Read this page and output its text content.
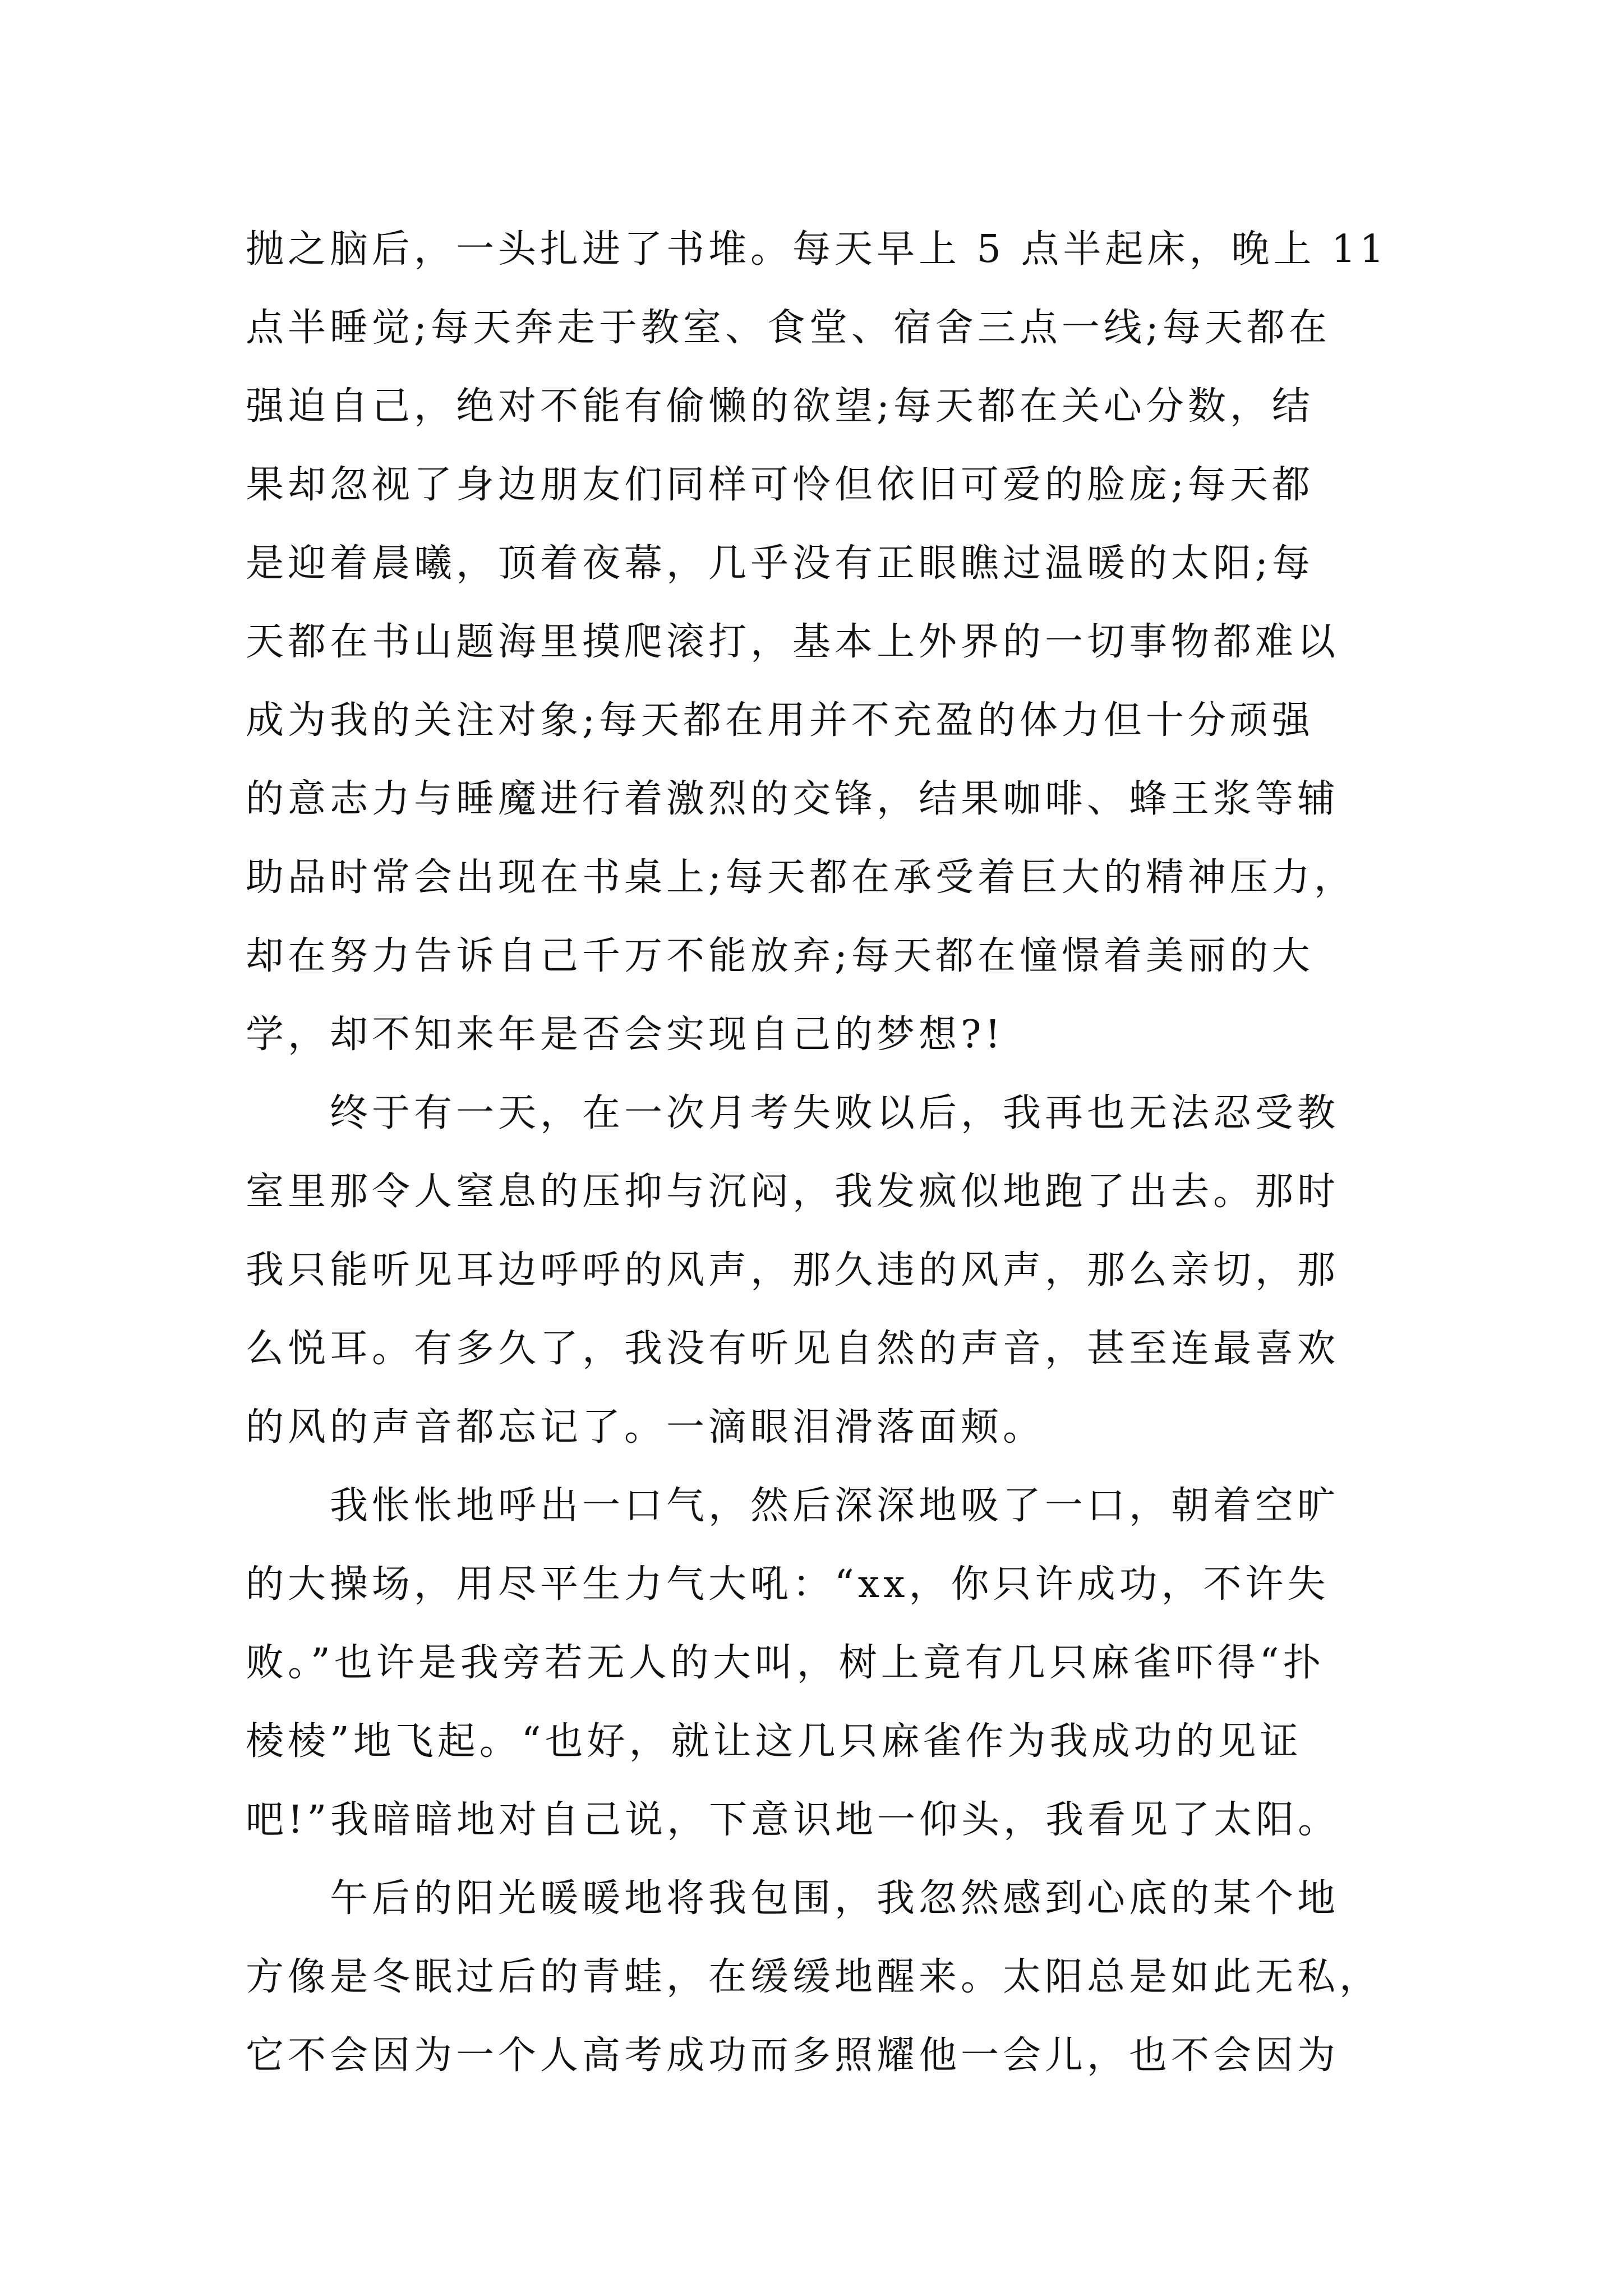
抛之脑后，一头扎进了书堆。每天早上 5 点半起床，晚上 11
点半睡觉;每天奔走于教室、食堂、宿舍三点一线;每天都在
强迫自己，绝对不能有偷懒的欲望;每天都在关心分数，结
果却忽视了身边朋友们同样可怜但依旧可爱的脸庞;每天都
是迎着晨曦，顶着夜幕，几乎没有正眼瞧过温暖的太阳;每
天都在书山题海里摸爬滚打，基本上外界的一切事物都难以
成为我的关注对象;每天都在用并不充盈的体力但十分顽强
的意志力与睡魔进行着激烈的交锋，结果咖啡、蜂王浆等辅
助品时常会出现在书桌上;每天都在承受着巨大的精神压力，
却在努力告诉自己千万不能放弃;每天都在憧憬着美丽的大
学，却不知来年是否会实现自己的梦想?!
终于有一天，在一次月考失败以后，我再也无法忍受教
室里那令人窒息的压抑与沉闷，我发疯似地跑了出去。那时
我只能听见耳边呼呼的风声，那久违的风声，那么亲切，那
么悦耳。有多久了，我没有听见自然的声音，甚至连最喜欢
的风的声音都忘记了。一滴眼泪滑落面颊。
我怅怅地呼出一口气，然后深深地吸了一口，朝着空旷
的大操场，用尽平生力气大吼：“xx，你只许成功，不许失
败。”也许是我旁若无人的大叫，树上竟有几只麻雀吓得“扑
棱棱”地飞起。“也好，就让这几只麻雀作为我成功的见证
吧!”我暗暗地对自己说，下意识地一仰头，我看见了太阳。
午后的阳光暖暖地将我包围，我忽然感到心底的某个地
方像是冬眠过后的青蛙，在缓缓地醒来。太阳总是如此无私，
它不会因为一个人高考成功而多照耀他一会儿，也不会因为
